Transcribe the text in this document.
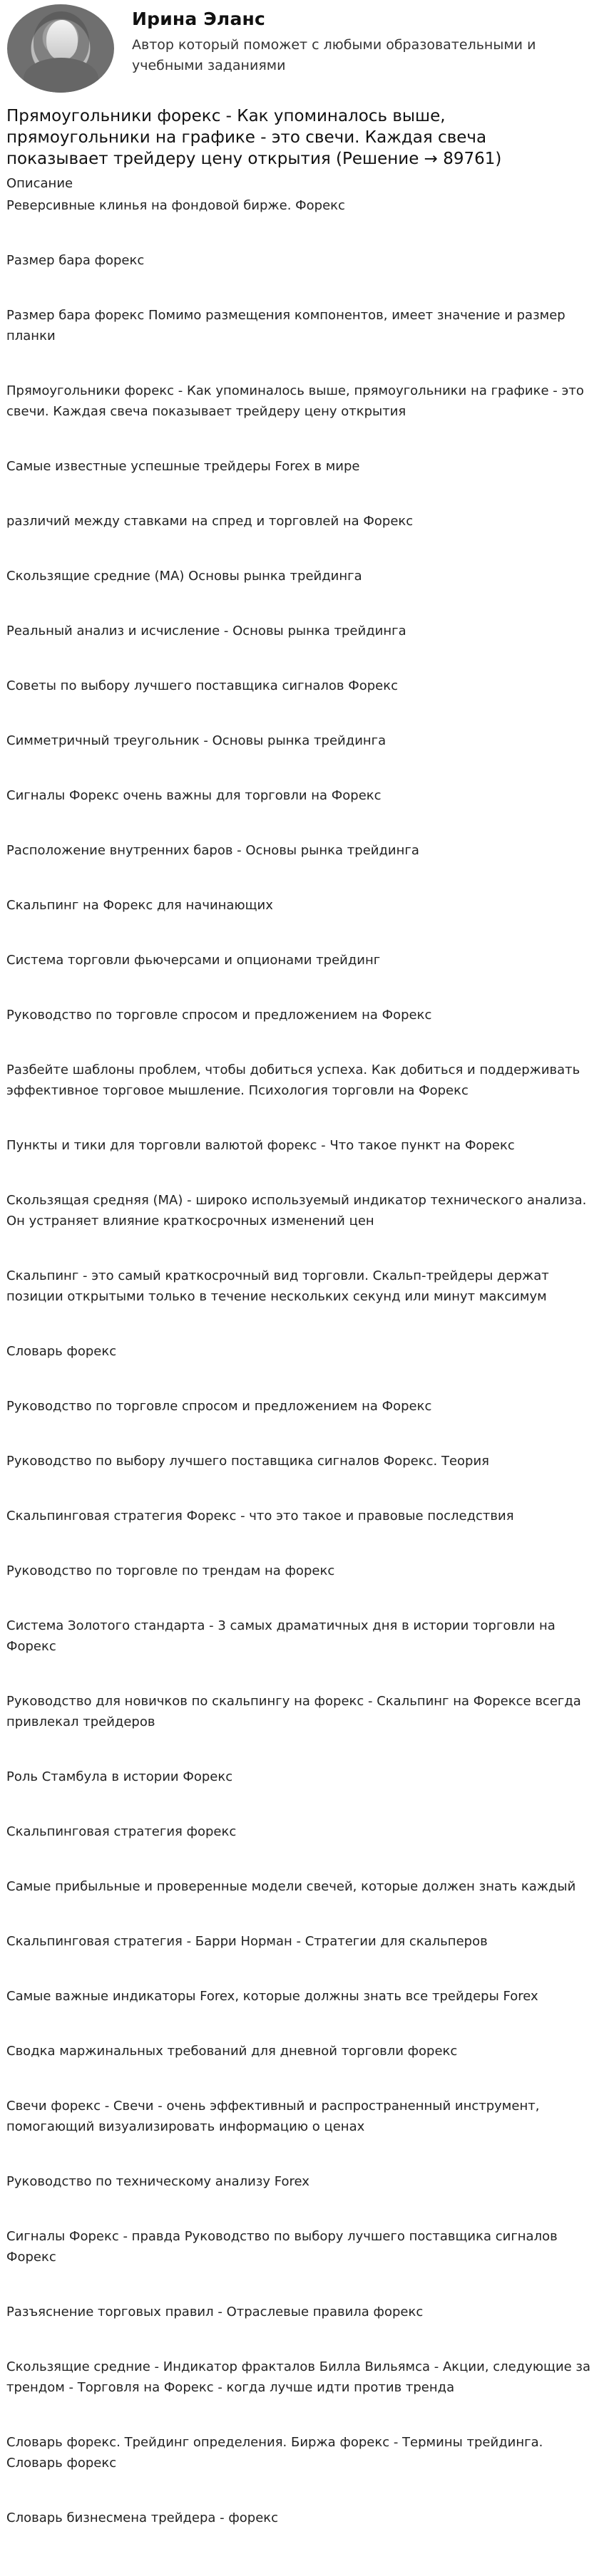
Ирина Эланс
Автор который поможет с любыми образовательными и учебными заданиями
Прямоугольники форекс - Как упоминалось выше, прямоугольники на графике - это свечи. Каждая свеча показывает трейдеру цену открытия (Решение → 89761)
Описание
Реверсивные клинья на фондовой бирже. Форекс
Размер бара форекс
Размер бара форекс Помимо размещения компонентов, имеет значение и размер планки
Прямоугольники форекс - Как упоминалось выше, прямоугольники на графике - это свечи. Каждая свеча показывает трейдеру цену открытия
Самые известные успешные трейдеры Forex в мире
различий между ставками на спред и торговлей на Форекс
Скользящие средние (MA) Основы рынка трейдинга
Реальный анализ и исчисление - Основы рынка трейдинга
Советы по выбору лучшего поставщика сигналов Форекс
Симметричный треугольник - Основы рынка трейдинга
Сигналы Форекс очень важны для торговли на Форекс
Расположение внутренних баров - Основы рынка трейдинга
Скальпинг на Форекс для начинающих
Система торговли фьючерсами и опционами трейдинг
Руководство по торговле спросом и предложением на Форекс
Разбейте шаблоны проблем, чтобы добиться успеха. Как добиться и поддерживать эффективное торговое мышление. Психология торговли на Форекс
Пункты и тики для торговли валютой форекс - Что такое пункт на Форекс
Скользящая средняя (MA) - широко используемый индикатор технического анализа. Он устраняет влияние краткосрочных изменений цен
Скальпинг - это самый краткосрочный вид торговли. Скальп-трейдеры держат позиции открытыми только в течение нескольких секунд или минут максимум
Словарь форекс
Руководство по торговле спросом и предложением на Форекс
Руководство по выбору лучшего поставщика сигналов Форекс. Теория
Скальпинговая стратегия Форекс - что это такое и правовые последствия
Руководство по торговле по трендам на форекс
Система Золотого стандарта - 3 самых драматичных дня в истории торговли на Форекс
Руководство для новичков по скальпингу на форекс - Скальпинг на Форексе всегда привлекал трейдеров
Роль Стамбула в истории Форекс
Скальпинговая стратегия форекс
Самые прибыльные и проверенные модели свечей, которые должен знать каждый
Скальпинговая стратегия - Барри Норман - Стратегии для скальперов
Самые важные индикаторы Forex, которые должны знать все трейдеры Forex
Сводка маржинальных требований для дневной торговли форекс
Свечи форекс - Свечи - очень эффективный и распространенный инструмент, помогающий визуализировать информацию о ценах
Руководство по техническому анализу Forex
Сигналы Форекс - правда Руководство по выбору лучшего поставщика сигналов Форекс
Разъяснение торговых правил - Отраслевые правила форекс
Скользящие средние - Индикатор фракталов Билла Вильямса - Акции, следующие за трендом - Торговля на Форекс - когда лучше идти против тренда
Словарь форекс. Трейдинг определения. Биржа форекс - Термины трейдинга. Словарь форекс
Словарь бизнесмена трейдера - форекс
